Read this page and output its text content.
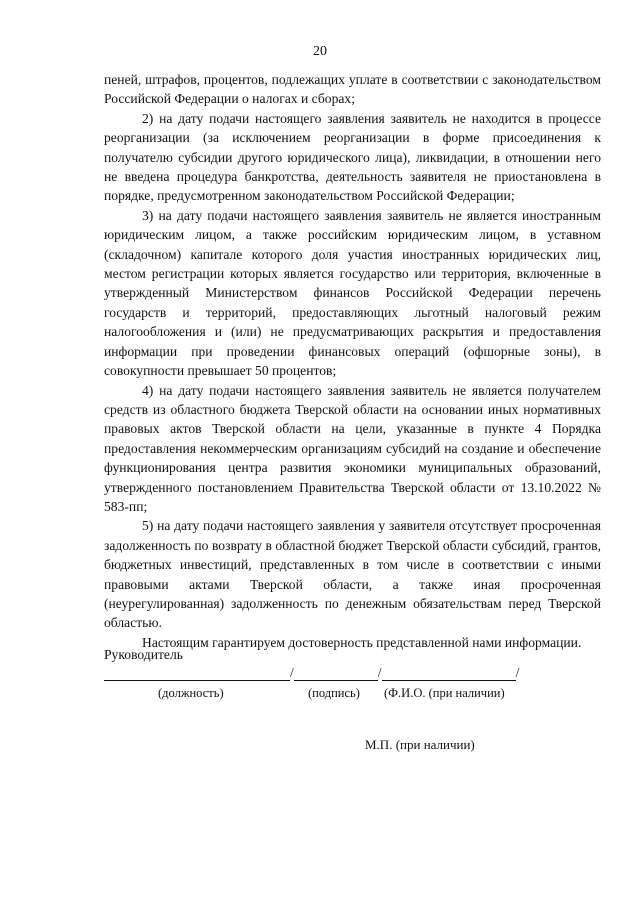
20

пеней, штрафов, процентов, подлежащих уплате в соответствии с законодательством Российской Федерации о налогах и сборах;

2) на дату подачи настоящего заявления заявитель не находится в процессе реорганизации (за исключением реорганизации в форме присоединения к получателю субсидии другого юридического лица), ликвидации, в отношении него не введена процедура банкротства, деятельность заявителя не приостановлена в порядке, предусмотренном законодательством Российской Федерации;

3) на дату подачи настоящего заявления заявитель не является иностранным юридическим лицом, а также российским юридическим лицом, в уставном (складочном) капитале которого доля участия иностранных юридических лиц, местом регистрации которых является государство или территория, включенные в утвержденный Министерством финансов Российской Федерации перечень государств и территорий, предоставляющих льготный налоговый режим налогообложения и (или) не предусматривающих раскрытия и предоставления информации при проведении финансовых операций (офшорные зоны), в совокупности превышает 50 процентов;

4) на дату подачи настоящего заявления заявитель не является получателем средств из областного бюджета Тверской области на основании иных нормативных правовых актов Тверской области на цели, указанные в пункте 4 Порядка предоставления некоммерческим организациям субсидий на создание и обеспечение функционирования центра развития экономики муниципальных образований, утвержденного постановлением Правительства Тверской области от 13.10.2022 № 583-пп;

5) на дату подачи настоящего заявления у заявителя отсутствует просроченная задолженность по возврату в областной бюджет Тверской области субсидий, грантов, бюджетных инвестиций, представленных в том числе в соответствии с иными правовыми актами Тверской области, а также иная просроченная (неурегулированная) задолженность по денежным обязательствам перед Тверской областью.

Настоящим гарантируем достоверность представленной нами информации.

Руководитель
/	/	/
(должность)	(подпись) (Ф.И.О. (при наличии)
М.П. (при наличии)
